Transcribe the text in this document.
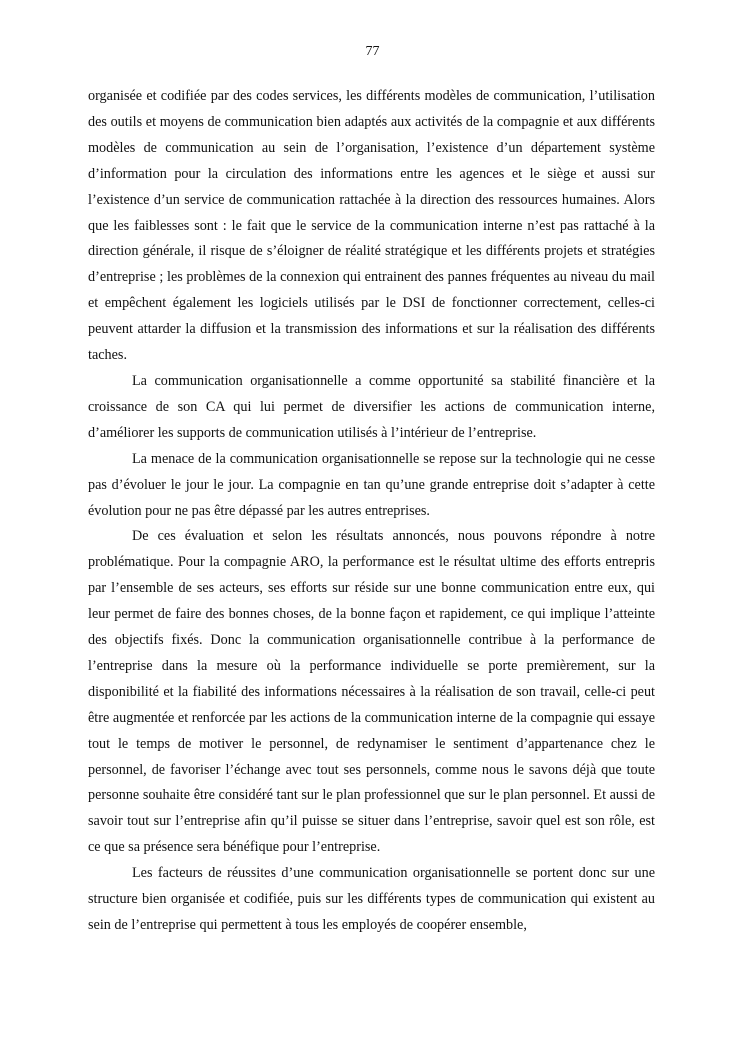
77

organisée et codifiée par des codes services, les différents modèles de communication, l’utilisation des outils et moyens de communication bien adaptés aux activités de la compagnie et aux différents modèles de communication au sein de l’organisation, l’existence d’un département système d’information pour la circulation des informations entre les agences et le siège et aussi sur l’existence d’un service de communication rattachée à la direction des ressources humaines. Alors que les faiblesses sont : le fait que le service de la communication interne n’est pas rattaché à la direction générale, il risque de s’éloigner de réalité stratégique et les différents projets et stratégies d’entreprise ; les problèmes de la connexion qui entrainent des pannes fréquentes au niveau du mail et empêchent également les logiciels utilisés par le DSI de fonctionner correctement, celles-ci peuvent attarder la diffusion et la transmission des informations et sur la réalisation des différents taches.

La communication organisationnelle a comme opportunité sa stabilité financière et la croissance de son CA qui lui permet de diversifier les actions de communication interne, d’améliorer les supports de communication utilisés à l’intérieur de l’entreprise.

La menace de la communication organisationnelle se repose sur la technologie qui ne cesse pas d’évoluer le jour le jour. La compagnie en tan qu’une grande entreprise doit s’adapter à cette évolution pour ne pas être dépassé par les autres entreprises.

De ces évaluation et selon les résultats annoncés, nous pouvons répondre à notre problématique. Pour la compagnie ARO, la performance est le résultat ultime des efforts entrepris par l’ensemble de ses acteurs, ses efforts sur réside sur une bonne communication entre eux, qui leur permet de faire des bonnes choses, de la bonne façon et rapidement, ce qui implique l’atteinte des objectifs fixés. Donc la communication organisationnelle contribue à la performance de l’entreprise dans la mesure où la performance individuelle se porte premièrement, sur la disponibilité et la fiabilité des informations nécessaires à la réalisation de son travail, celle-ci peut être augmentée et renforcée par les actions de la communication interne de la compagnie qui essaye tout le temps de motiver le personnel, de redynamiser le sentiment d’appartenance chez le personnel, de favoriser l’échange avec tout ses personnels, comme nous le savons déjà que toute personne souhaite être considéré tant sur le plan professionnel que sur le plan personnel. Et aussi de savoir tout sur l’entreprise afin qu’il puisse se situer dans l’entreprise, savoir quel est son rôle, est ce que sa présence sera bénéfique pour l’entreprise.

Les facteurs de réussites d’une communication organisationnelle se portent donc sur une structure bien organisée et codifiée, puis sur les différents types de communication qui existent au sein de l’entreprise qui permettent à tous les employés de coopérer ensemble,
